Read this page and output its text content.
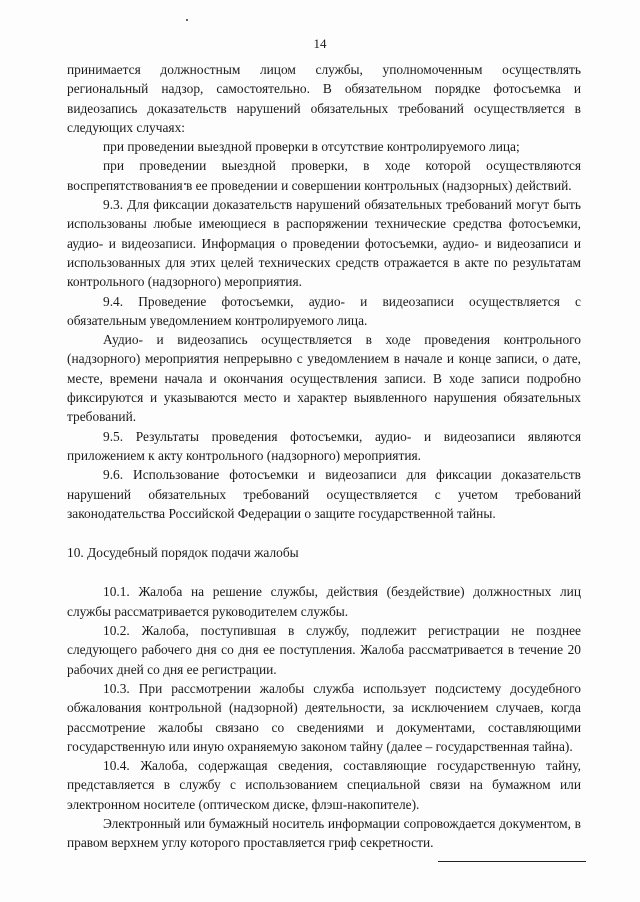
14

принимается должностным лицом службы, уполномоченным осуществлять региональный надзор, самостоятельно. В обязательном порядке фотосъемка и видеозапись доказательств нарушений обязательных требований осуществляется в следующих случаях:

при проведении выездной проверки в отсутствие контролируемого лица;

при проведении выездной проверки, в ходе которой осуществляются воспрепятствования в ее проведении и совершении контрольных (надзорных) действий.

9.3. Для фиксации доказательств нарушений обязательных требований могут быть использованы любые имеющиеся в распоряжении технические средства фотосъемки, аудио- и видеозаписи. Информация о проведении фотосъемки, аудио- и видеозаписи и использованных для этих целей технических средств отражается в акте по результатам контрольного (надзорного) мероприятия.

9.4. Проведение фотосъемки, аудио- и видеозаписи осуществляется с обязательным уведомлением контролируемого лица.

Аудио- и видеозапись осуществляется в ходе проведения контрольного (надзорного) мероприятия непрерывно с уведомлением в начале и конце записи, о дате, месте, времени начала и окончания осуществления записи. В ходе записи подробно фиксируются и указываются место и характер выявленного нарушения обязательных требований.

9.5. Результаты проведения фотосъемки, аудио- и видеозаписи являются приложением к акту контрольного (надзорного) мероприятия.

9.6. Использование фотосъемки и видеозаписи для фиксации доказательств нарушений обязательных требований осуществляется с учетом требований законодательства Российской Федерации о защите государственной тайны.

10. Досудебный порядок подачи жалобы

10.1. Жалоба на решение службы, действия (бездействие) должностных лиц службы рассматривается руководителем службы.

10.2. Жалоба, поступившая в службу, подлежит регистрации не позднее следующего рабочего дня со дня ее поступления. Жалоба рассматривается в течение 20 рабочих дней со дня ее регистрации.

10.3. При рассмотрении жалобы служба использует подсистему досудебного обжалования контрольной (надзорной) деятельности, за исключением случаев, когда рассмотрение жалобы связано со сведениями и документами, составляющими государственную или иную охраняемую законом тайну (далее – государственная тайна).

10.4. Жалоба, содержащая сведения, составляющие государственную тайну, представляется в службу с использованием специальной связи на бумажном или электронном носителе (оптическом диске, флэш-накопителе).

Электронный или бумажный носитель информации сопровождается документом, в правом верхнем углу которого проставляется гриф секретности.
